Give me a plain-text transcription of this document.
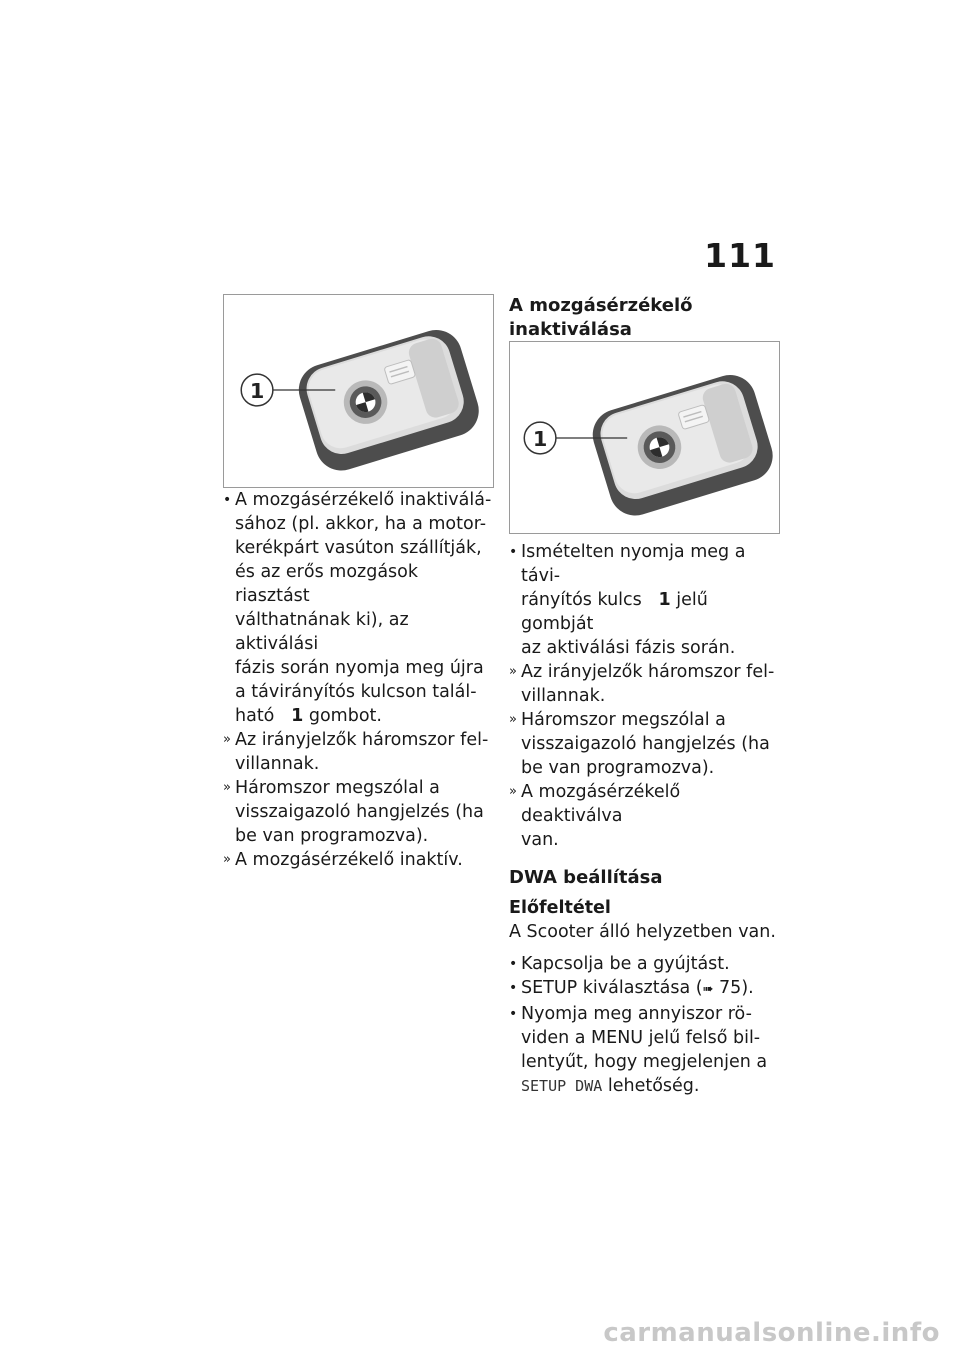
111
1
A mozgásérzékelő inaktiválása
1
• A mozgásérzékelő inaktiválá-
sához (pl. akkor, ha a motor-
kerékpárt vasúton szállítják,
és az erős mozgások riasztást
válthatnának ki), az aktiválási
fázis során nyomja meg újra
a távirányítós kulcson talál-
ható 1 gombot.
» Az irányjelzők háromszor fel-
villannak.
» Háromszor megszólal a
visszaigazoló hangjelzés (ha
be van programozva).
» A mozgásérzékelő inaktív.
• Ismételten nyomja meg a távi-
rányítós kulcs 1 jelű gombját
az aktiválási fázis során.
» Az irányjelzők háromszor fel-
villannak.
» Háromszor megszólal a
visszaigazoló hangjelzés (ha
be van programozva).
» A mozgásérzékelő deaktiválva
van.
DWA beállítása
Előfeltétel
A Scooter álló helyzetben van.
• Kapcsolja be a gyújtást.
• SETUP kiválasztása (➠ 75).
• Nyomja meg annyiszor rö-
viden a MENU jelű felső bil-
lentyűt, hogy megjelenjen a
SETUP DWA lehetőség.
carmanualsonline.info
